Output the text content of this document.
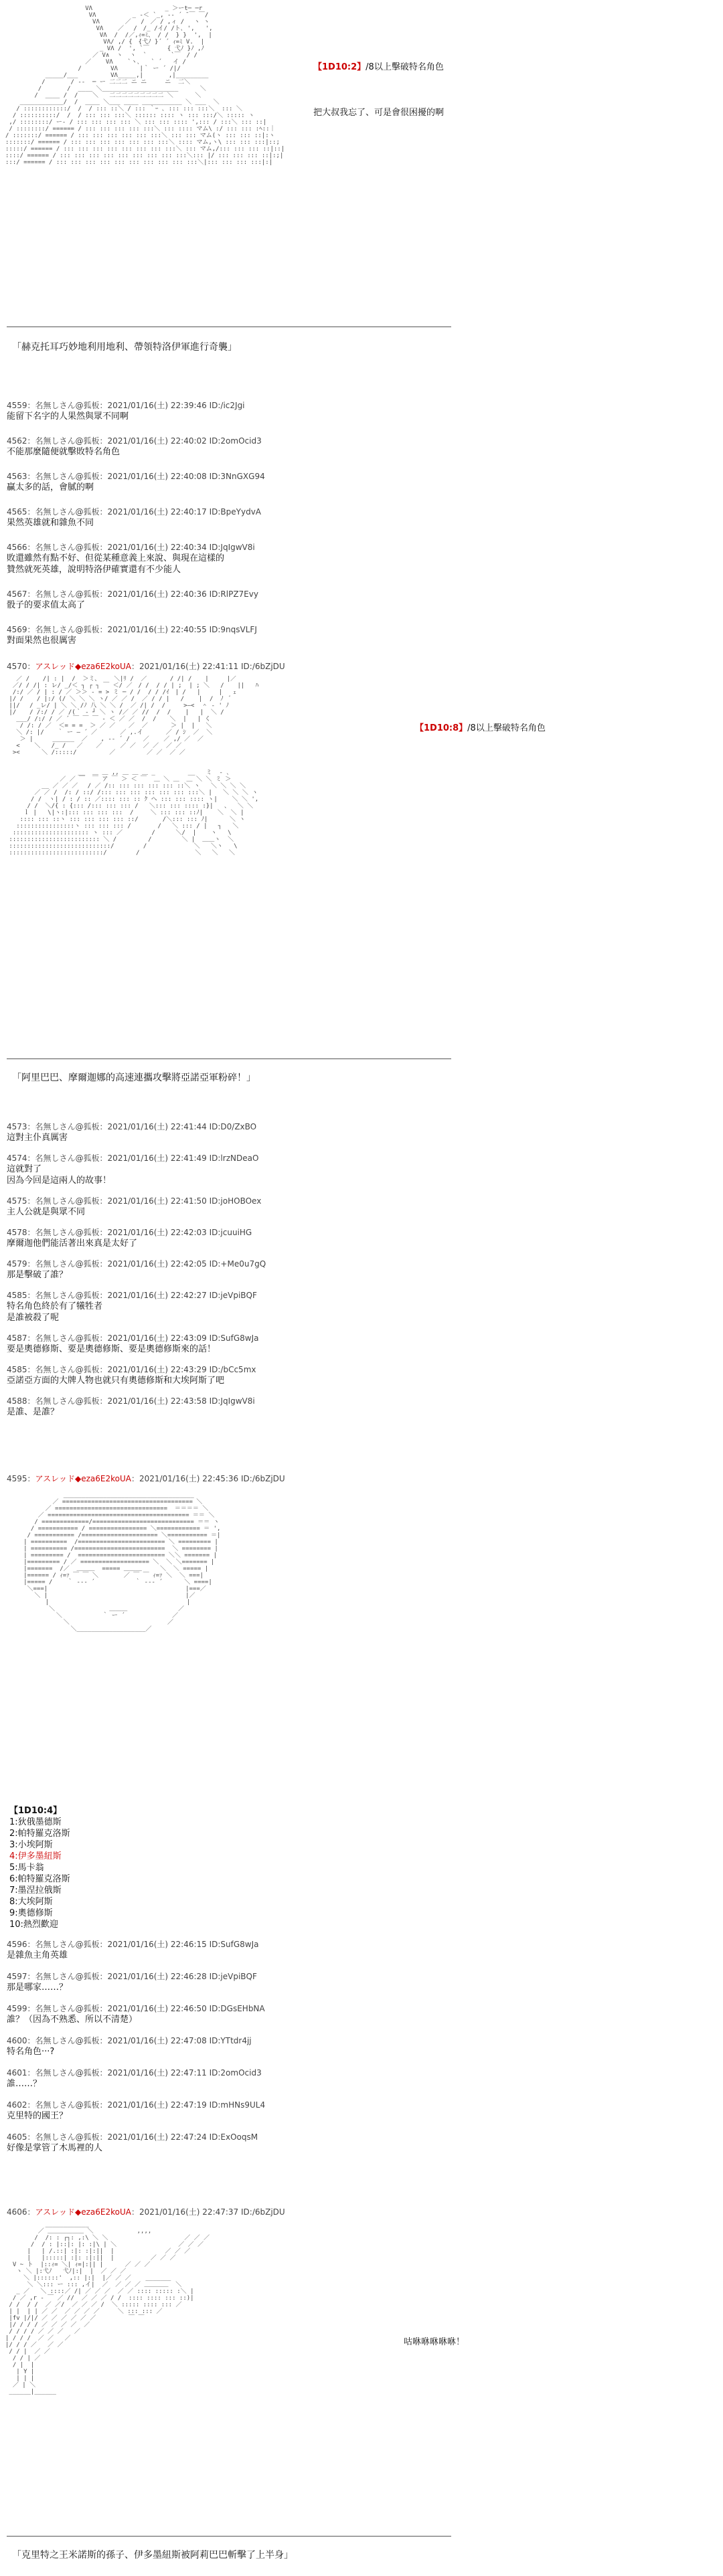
VΛ                    _ ＞ーt─ ─r
VΛ          _ ‐＜ `_, -‐ ´ ̄ ￣ ￣/
VΛ       ／ 　/　／ / ,ィ /　 ヽ ヽ
VΛ    ／ 　/　/_ /イ/ /ト､ ',   ',
VΛ  /  /／,ｨ=ﾐ、 / /  } }  ',  |
VΛ/ ,/ {　{弋ﾉ }´ ´ ｨ=ﾐ V.  |
_ VΛ /  ', `￣　　　{ 弋ﾉ }ﾉ ,ﾉ
／ V∧  ヽ  ヽ  `　　　　`￣　/ /
／    VΛ    `ヽ､   ` ´   イ /
/        VΛ      |｀ ー ´ /|/
_____/___         VΛ_____,|       ,|_________
/       / ‐‐  ─ ー 二二二 ニ ニ     ニ  二＼
/       /  ____ ＼_____________________      ＼
/  ____ /  /    ＼   二二二二二二二二二 ＼      ＼
____________/  /  ____ ＼___ ____ ___________ ＼ ___  ＼
/ ::::::::::::/  /  / ::: ::＼ / ::: ｀ｰ ､ ::: ::: :::＼  ::: ＼
/ ::::::::::/  /  / ::: ::: :::＼ :::::: :::: ヽ ::: :::/＼ ::::: ヽ
,/ ::::::::/ ー‐ / ::: ::: ::: ::: ＼ ::: ::: :::: ',::: / :::＼ ::: ::|
/ ::::::::/ ====== / ::: ::: ::: ::: :::＼ ::: :::: マム\ :/ ::: ::: :ﾍ::｜
/ :::::::/ ====== / ::: ::: ::: ::: ::: :::＼ ::: ::: マム(ヽ ::: ::: ::|:ヽ
:::::::/ ====== / ::: ::: ::: ::: ::: ::: :::＼ :::: マム,ヽ\ ::: ::: :::|::;
:::::/ ====== / ::: ::: ::: ::: ::: ::: ::: :::＼ ::: マム,/::: ::: ::: ::|::|
::::/ ====== / ::: ::: ::: ::: ::: ::: ::: ::: :::＼::: |/ ::: ::: ::: ::|:;|
:::/ ====== / ::: ::: ::: ::: ::: ::: ::: ::: ::: :::＼|::: ::: ::: :::|:|

【1D10:2】/8以上擊破特名角色
把大叔我忘了、可是會很困擾的啊
「赫克托耳巧妙地利用地利、帶領特洛伊軍進行奇襲」
4559：名無しさん@狐板：2021/01/16(土) 22:39:46 ID:/ic2Jgi
能留下名字的人果然與眾不同啊
4562：名無しさん@狐板：2021/01/16(土) 22:40:02 ID:2omOcid3
不能那麼隨便就擊敗特名角色
4563：名無しさん@狐板：2021/01/16(土) 22:40:08 ID:3NnGXG94
贏太多的話，會膩的啊
4565：名無しさん@狐板：2021/01/16(土) 22:40:17 ID:BpeYydvA
果然英雄就和雜魚不同
4566：名無しさん@狐板：2021/01/16(土) 22:40:34 ID:JqIgwV8i
敗還雖然有點不好、但從某種意義上來說、與現在這樣的
贊然就死英雄，說明特洛伊確實還有不少能人
4567：名無しさん@狐板：2021/01/16(土) 22:40:36 ID:RlPZ7Evy
骰子的要求值太高了
4569：名無しさん@狐板：2021/01/16(土) 22:40:55 ID:9nqsVLFJ
對面果然也很厲害
4570：アスレッド◆eza6E2koUA：2021/01/16(土) 22:41:11 ID:/6bZjDU
／ / 　 /| : |  /  ＞ミ、 　 ＼|ﾘ /  ／ 　 　 / /| / 　 |     |／
／/ / /| : レ/ _/＜ ┐ ┌ ┐ ￣ ＜/ ／　/ /  / / | ;  | ; ＼   / 　 ||   ﾊ
/:/ ／ / | : / ／ ＞＞ ‐ = > ミ ─ / /  / / /ｲ　| /   |     |   ｪ
|/ / 　 / |:/ (/ ＼ ＼ ＼ ヽ/ ／ ／ /  ／ / / |   /    |  /  ﾉ  ﾞ
||/ 　/ _レ/ | ＼ ＼ /ﾉ 八 ＼ ＼ /  ／ /| /  /     >―<  ＾ ‐ ' ﾉ
|/ 　 / /:/ / ／ /(｀ ‐ ┘ ＼ ヽ /／ ／ //  /  /    |   |  ＼ /
___/ /:/ / ／ ´ ￣ ￣ ￣ ‐ ＜ ／ ／  /  / 　 ＼  |   | く
/ /: / ／  ＜= = =  ＞ ／ ／ 　 ／  ／ 　　  ＞ |  |   ＼
＼ /: |/ 　 ｀ ー ― ´ ／ 　 　 ／ ,.イ 　 　 ／ / ｼ  ／  ＼
＞ | 　　 ______  ／ 　 , -‐ ´ / 　 ／    ／ ,/ ／  ／
<    ＼   /_ /   ／ 　 ／     ／ ／  ／ ／  ／ ／
><      ＼ /:::::/ 　 　 　 ／ 　      ／ ／  ／ ／

__  ＿ ＿ ,, ＿ ＿ ＿ _         __   ミ  ‐ ､
／ ／ ￣  ￣ ア ￣ ＞ ＜ ￣  ＿ ＼ ＿  ＿ ＼ ＼ ミ ＞
__ ／ ／ ／ 　/ ／ /:: ::: ::: ::: ::: ::＼ ヽ   ＼ ＼ ＼ ＼
／ ／ /  /: / ::/ /::: ::: ::: ::: ::: ::: :::＼ |   ＼ ＼ ＼ ヽ
/ /  ヽ| / : / :: ／:::: ::: :: ｸ ヘ ::: ::: :::: ヽ|    ＼ ＼ ',
/ /  ＼/{ : {::: /::: ::: ::: /   ＼::: ::: :::: :}|   、  ＼ ＼
ｌ |   \|ヽ:|::: ::: ::: :::  /  　 ＼ ::: ::: ::ﾉ|    ＼  ＼ |
:::: ::: ::ヽ ::: ::: ::: ::: ::/    　 /＼::: ::: ﾉ|      ＼ ヽ
::::::::::::::::ヽ ::: ::: ::: /  　 　 /   ＼ ::: / |   ┐   ＼
::::::::::::::::::::: ヽ ::: ／ 　 　 　/  　  ＼/  |    ヽ   \
::::::::::::::::::::::::: ＼ /      　 /　 　    ＼ |  ＿＿ヽ  ＼
::::::::::::::::::::::::::::/        /  　 　    　 ＼   ＼ヽ   \
::::::::::::::::::::::::::/        / 　 　 　 　 　  ＼   ＼   ＼

【1D10:8】/8以上擊破特名角色
「阿里巴巴、摩爾迦娜的高速連攜攻擊將亞諾亞軍粉碎！」
4573：名無しさん@狐板：2021/01/16(土) 22:41:44 ID:D0/ZxBO
這對主仆真厲害
4574：名無しさん@狐板：2021/01/16(土) 22:41:49 ID:lrzNDeaO
這就對了
因為今回是這兩人的故事！
4575：名無しさん@狐板：2021/01/16(土) 22:41:50 ID:joHOBOex
主人公就是與眾不同
4578：名無しさん@狐板：2021/01/16(土) 22:42:03 ID:jcuuiHG
摩爾迦他們能活著出來真是太好了
4579：名無しさん@狐板：2021/01/16(土) 22:42:05 ID:+Me0u7gQ
那是擊破了誰？
4585：名無しさん@狐板：2021/01/16(土) 22:42:27 ID:jeVpiBQF
特名角色終於有了犧牲者
是誰被殺了呢
4587：名無しさん@狐板：2021/01/16(土) 22:43:09 ID:SufG8wJa
要是奧德修斯、要是奧德修斯、要是奧德修斯來的話！
4585：名無しさん@狐板：2021/01/16(土) 22:43:29 ID:/bCc5mx
亞諾亞方面的大牌人物也就只有奧德修斯和大埃阿斯了吧
4588：名無しさん@狐板：2021/01/16(土) 22:43:58 ID:JqIgwV8i
是誰、是誰？
4595：アスレッド◆eza6E2koUA：2021/01/16(土) 22:45:36 ID:/6bZjDU
____________________________________
／ ==================================== ＼
／ ===============================  ＝＝＝＝ ＼
／ ======================================= ＝＝ ＼
/ =============/============================ ＝＝ ヽ
/ =========== / ================ ＼============ ＝ ',
/ =========== /===================== ＼=========== ＝|
| ==========  /======================== ＼ ========= |
| ========== /=========================  ＼ ======== |
| ========= /  ======================== ＼＼ ======= |
|========= / ／ =================== ＼  ＼ ＼======= |
|=======  /／  ＿＿＿  ===== ＿＿＿     ＼  ＼ ===== |
|====== / ｨ=ｧ ￣ ￣ ＼       ／ ￣ ￣ ｨ=ｧ ＼  ＼ ===|
|===== /    ｀ ‐-- ´           ｀ ‐-- ´      ＼ ====|
＼===|                                      |===／
＼ |                                      |／
|                                      |
＼               ＿＿＿              ／
＼           ｀ ー ´             ／
＼                           ／
＼___________________／

【1D10:4】
1:狄俄墨德斯
2:帕特羅克洛斯
3:小埃阿斯
4:伊多墨紐斯
5:馬卡翁
6:帕特羅克洛斯
7:墨涅拉俄斯
8:大埃阿斯
9:奧德修斯
10:熱烈歡迎
4596：名無しさん@狐板：2021/01/16(土) 22:46:15 ID:SufG8wJa
是雜魚主角英雄
4597：名無しさん@狐板：2021/01/16(土) 22:46:28 ID:jeVpiBQF
那是哪家……？
4599：名無しさん@狐板：2021/01/16(土) 22:46:50 ID:DGsEHbNA
誰？（因為不熟悉、所以不清楚）
4600：名無しさん@狐板：2021/01/16(土) 22:47:08 ID:YTtdr4jj
特名角色···?
4601：名無しさん@狐板：2021/01/16(土) 22:47:11 ID:2omOcid3
誰……？
4602：名無しさん@狐板：2021/01/16(土) 22:47:19 ID:mHNs9UL4
克里特的國王？
4605：名無しさん@狐板：2021/01/16(土) 22:47:24 ID:ExOoqsM
好像是掌管了木馬裡的人
4606：アスレッド◆eza6E2koUA：2021/01/16(土) 22:47:37 ID:/6bZjDU
____________
／ ＿＿＿＿＿＿ ＼            ,,,,
/  /: : ┌┐: ,:\ ＼ ＼                     ／ ／ ／
/  / : |::|: |: :|\ | ＼                 ／ ／ ／
|   | /.::| :|: :|:||  |              ／ ／ ／
|   |:::::| :|: :|:||  |          ／ ／ ／
V ~ ト  |::ｨ= ＼| ｨ=|:|| |      ／ ／ ／
ヽ ＼ |:弋ﾉ   弋ﾉ|:|  |  ／ ／ ／
＼ |::::::'  ,:: |:|  |／ ／ ／    _______
＼ ＼::: ー ::: ,イ|  ／  ／ ／ ／ ＿＿＿＿  ＼
_ ／   ＼ ::::／ /| ／ ／ ／  ／ ／ :::: ::::: :＼ |
/ ／ ,r ‐ ￣ ／ //  ／ ／ ／ / /  :::: :::: ::: ::)|
/ /  / /  ／ ／/  ／ ／ ／ /  ＼ ::::: :::: ::: ／
| |  | | ／ ／  ／ ／ ／ ／     ＼ ::: ::: ／
|fv |/|/ ／ ／ ／ ／ ／ ／         ￣ ￣
|/ / / / ／ ／ ／ ／  ／
/ / / / ／ ／ ／   ／
| / / /  ／ ／   ／
|/ / / ／   ／ ／
/ / |  ／ ／
/ / | ／
/ |  |
| Y |
| | |
／ | ＼
______|______

咕咻咻咻咻咻！
「克里特之王米諾斯的孫子、伊多墨紐斯被阿莉巴巴斬擊了上半身」
